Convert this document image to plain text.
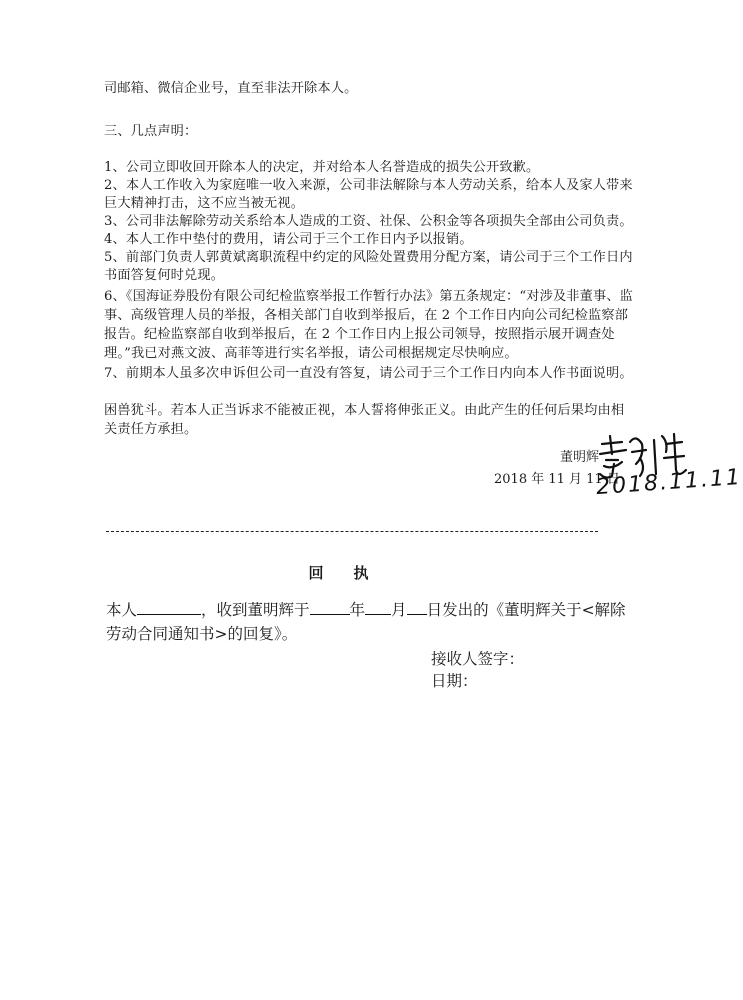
司邮箱、微信企业号，直至非法开除本人。
三、几点声明：
1、公司立即收回开除本人的决定，并对给本人名誉造成的损失公开致歉。
2、本人工作收入为家庭唯一收入来源，公司非法解除与本人劳动关系，给本人及家人带来
巨大精神打击，这不应当被无视。
3、公司非法解除劳动关系给本人造成的工资、社保、公积金等各项损失全部由公司负责。
4、本人工作中垫付的费用，请公司于三个工作日内予以报销。
5、前部门负责人郭黄斌离职流程中约定的风险处置费用分配方案，请公司于三个工作日内
书面答复何时兑现。
6、《国海证券股份有限公司纪检监察举报工作暂行办法》第五条规定：“对涉及非董事、监
事、高级管理人员的举报，各相关部门自收到举报后，在 2 个工作日内向公司纪检监察部
报告。纪检监察部自收到举报后，在 2 个工作日内上报公司领导，按照指示展开调查处
理。”我已对燕文波、高菲等进行实名举报，请公司根据规定尽快响应。
7、前期本人虽多次申诉但公司一直没有答复，请公司于三个工作日内向本人作书面说明。
困兽犹斗。若本人正当诉求不能被正视，本人誓将伸张正义。由此产生的任何后果均由相
关责任方承担。
董明辉
2018 年 11 月 11 日
2018.11.11
回执
本人	，收到董明辉于	年 月 日发出的《董明辉关于<解除
劳动合同通知书>的回复》。
接收人签字：
日期：
